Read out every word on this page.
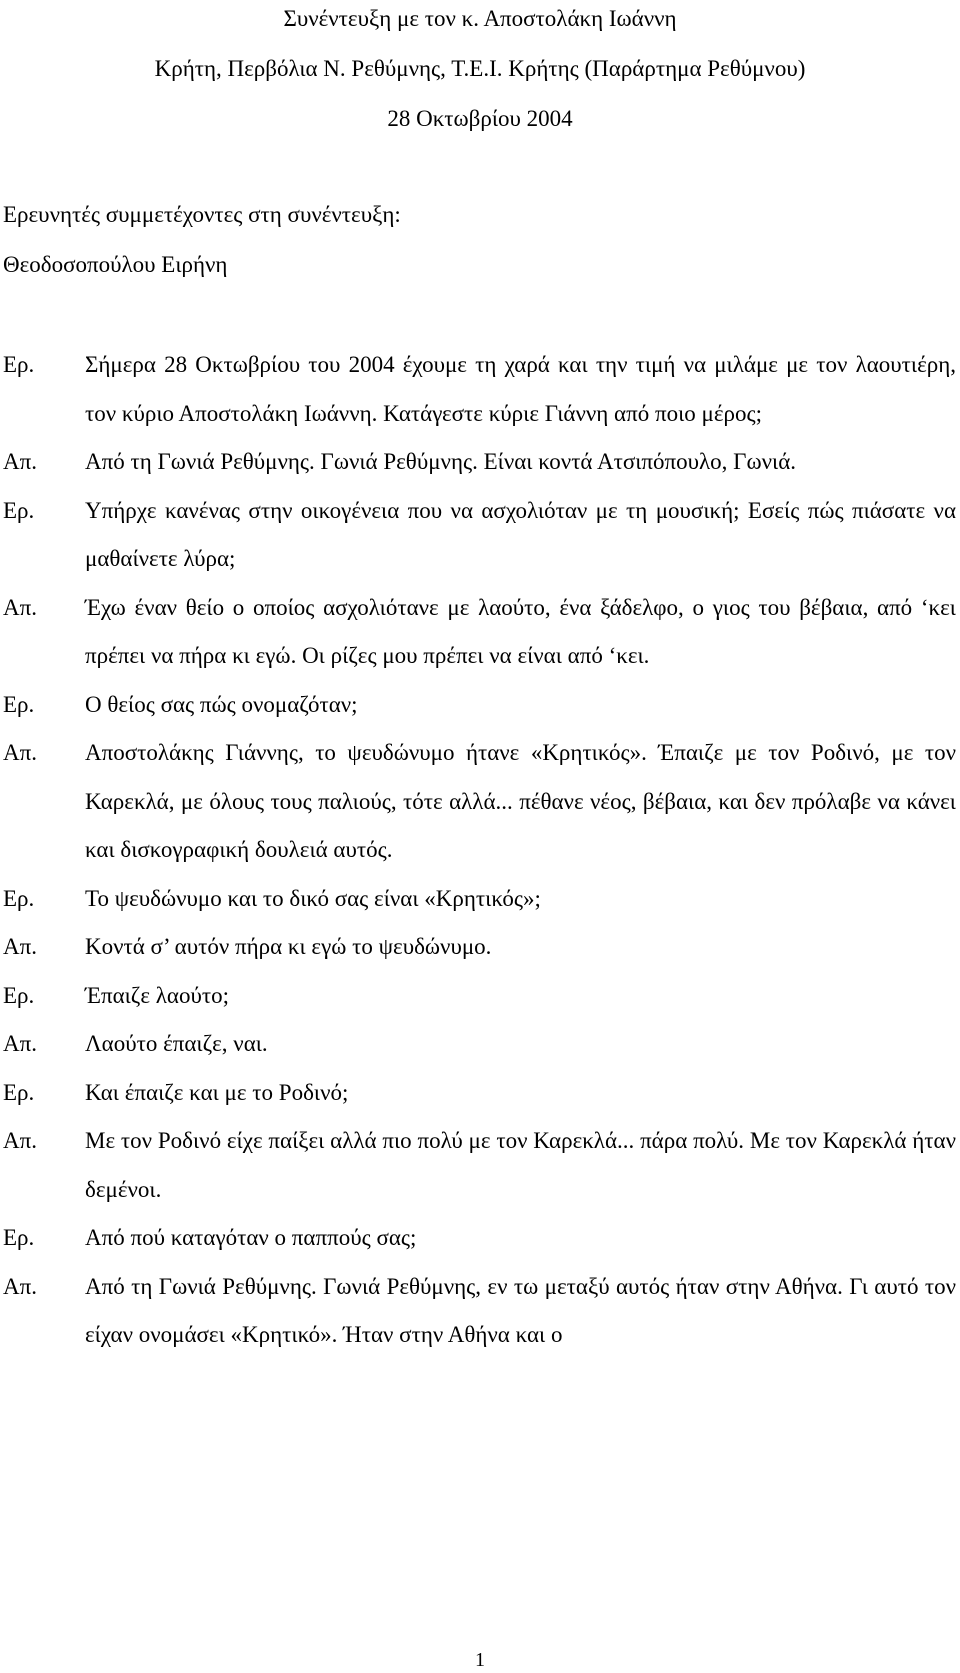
Συνέντευξη με τον κ. Αποστολάκη Ιωάννη

Κρήτη, Περβόλια Ν. Ρεθύμνης, Τ.Ε.Ι. Κρήτης (Παράρτημα Ρεθύμνου)

28 Οκτωβρίου 2004

Ερευνητές συμμετέχοντες στη συνέντευξη:

Θεοδοσοπούλου Ειρήνη

Ερ.	Σήμερα 28 Οκτωβρίου του 2004 έχουμε τη χαρά και την τιμή να μιλάμε με τον λαουτιέρη, τον κύριο Αποστολάκη Ιωάννη. Κατάγεστε κύριε Γιάννη από ποιο μέρος;
Απ.	Από τη Γωνιά Ρεθύμνης. Γωνιά Ρεθύμνης. Είναι κοντά Ατσιπόπουλο, Γωνιά.
Ερ.	Υπήρχε κανένας στην οικογένεια που να ασχολιόταν με τη μουσική; Εσείς πώς πιάσατε να μαθαίνετε λύρα;
Απ.	Έχω έναν θείο ο οποίος ασχολιότανε με λαούτο, ένα ξάδελφο, ο γιος του βέβαια, από ‘κει πρέπει να πήρα κι εγώ. Οι ρίζες μου πρέπει να είναι από ‘κει.
Ερ.	Ο θείος σας πώς ονομαζόταν;
Απ.	Αποστολάκης Γιάννης, το ψευδώνυμο ήτανε «Κρητικός». Έπαιζε με τον Ροδινό, με τον Καρεκλά, με όλους τους παλιούς, τότε αλλά... πέθανε νέος, βέβαια, και δεν πρόλαβε να κάνει και δισκογραφική δουλειά αυτός.
Ερ.	Το ψευδώνυμο και το δικό σας είναι «Κρητικός»;
Απ.	Κοντά σ’ αυτόν πήρα κι εγώ το ψευδώνυμο.
Ερ.	Έπαιζε λαούτο;
Απ.	Λαούτο έπαιζε, ναι.
Ερ.	Και έπαιζε και με το Ροδινό;
Απ.	Με τον Ροδινό είχε παίξει αλλά πιο πολύ με τον Καρεκλά... πάρα πολύ. Με τον Καρεκλά ήταν δεμένοι.
Ερ.	Από πού καταγόταν ο παππούς σας;
Απ.	Από τη Γωνιά Ρεθύμνης. Γωνιά Ρεθύμνης, εν τω μεταξύ αυτός ήταν στην Αθήνα. Γι αυτό τον είχαν ονομάσει «Κρητικό». Ήταν στην Αθήνα και ο
1
